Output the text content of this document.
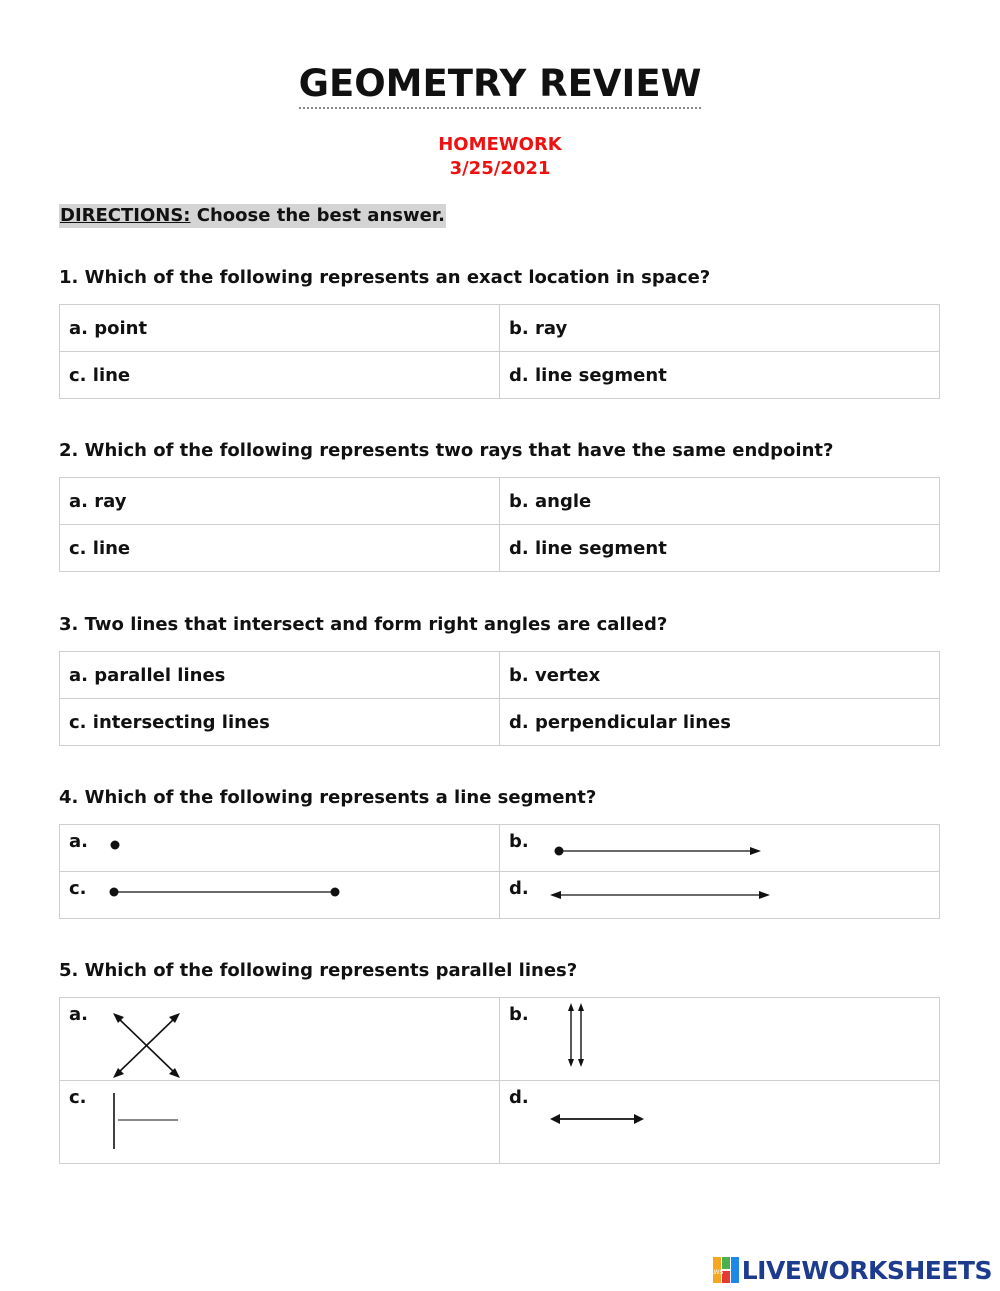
GEOMETRY REVIEW
HOMEWORK
3/25/2021
DIRECTIONS: Choose the best answer.
1. Which of the following represents an exact location in space?
a. point	b. ray
c. line	d. line segment
2. Which of the following represents two rays that have the same endpoint?
a. ray	b. angle
c. line	d. line segment
3. Two lines that intersect and form right angles are called?
a. parallel lines	b. vertex
c. intersecting lines	d. perpendicular lines
4. Which of the following represents a line segment?
a.	b.

c.	d.
5. Which of the following represents parallel lines?
a.	b.

c.	d.
LWS LIVEWORKSHEETS
